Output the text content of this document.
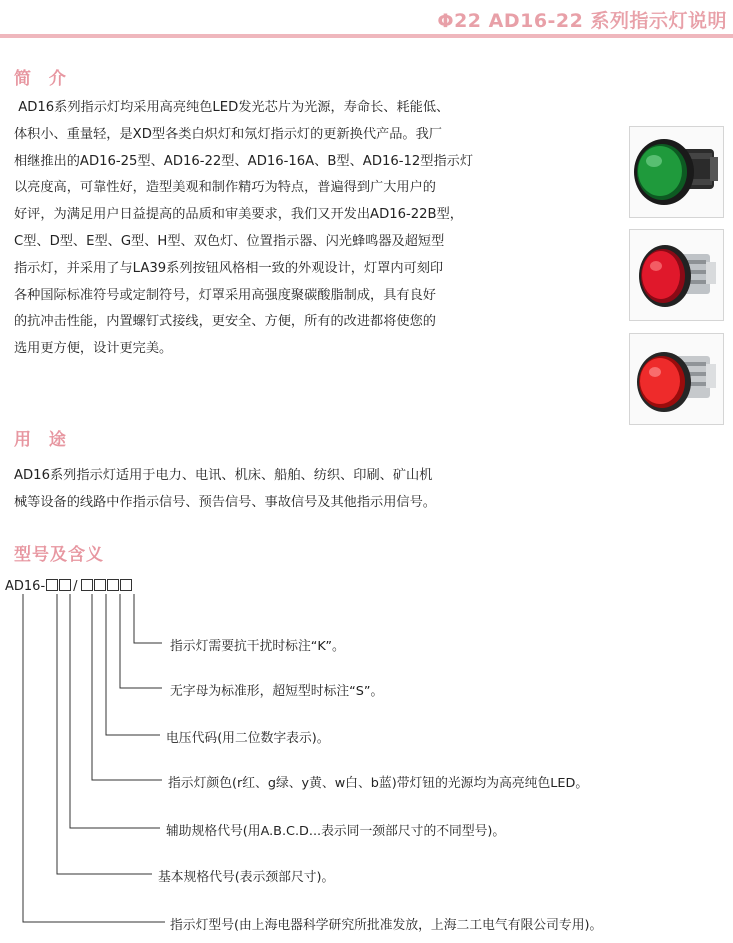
Φ22 AD16-22 系列指示灯说明
简 介
AD16系列指示灯均采用高亮纯色LED发光芯片为光源，寿命长、耗能低、
体积小、重量轻，是XD型各类白炽灯和氖灯指示灯的更新换代产品。我厂
相继推出的AD16-25型、AD16-22型、AD16-16A、B型、AD16-12型指示灯
以亮度高，可靠性好，造型美观和制作精巧为特点，普遍得到广大用户的
好评，为满足用户日益提高的品质和审美要求，我们又开发出AD16-22B型，
C型、D型、E型、G型、H型、双色灯、位置指示器、闪光蜂鸣器及超短型
指示灯，并采用了与LA39系列按钮风格相一致的外观设计，灯罩内可刻印
各种国际标准符号或定制符号，灯罩采用高强度聚碳酸脂制成，具有良好
的抗冲击性能，内置螺钉式接线，更安全、方便，所有的改进都将使您的
选用更方便，设计更完美。
用 途
AD16系列指示灯适用于电力、电讯、机床、船舶、纺织、印刷、矿山机
械等设备的线路中作指示信号、预告信号、事故信号及其他指示用信号。
型号及含义
AD16- /
指示灯需要抗干扰时标注“K”。
无字母为标准形，超短型时标注“S”。
电压代码(用二位数字表示)。
指示灯颜色(r红、g绿、y黄、w白、b蓝)带灯钮的光源均为高亮纯色LED。
辅助规格代号(用A.B.C.D...表示同一颈部尺寸的不同型号)。
基本规格代号(表示颈部尺寸)。
指示灯型号(由上海电器科学研究所批准发放，上海二工电气有限公司专用)。
